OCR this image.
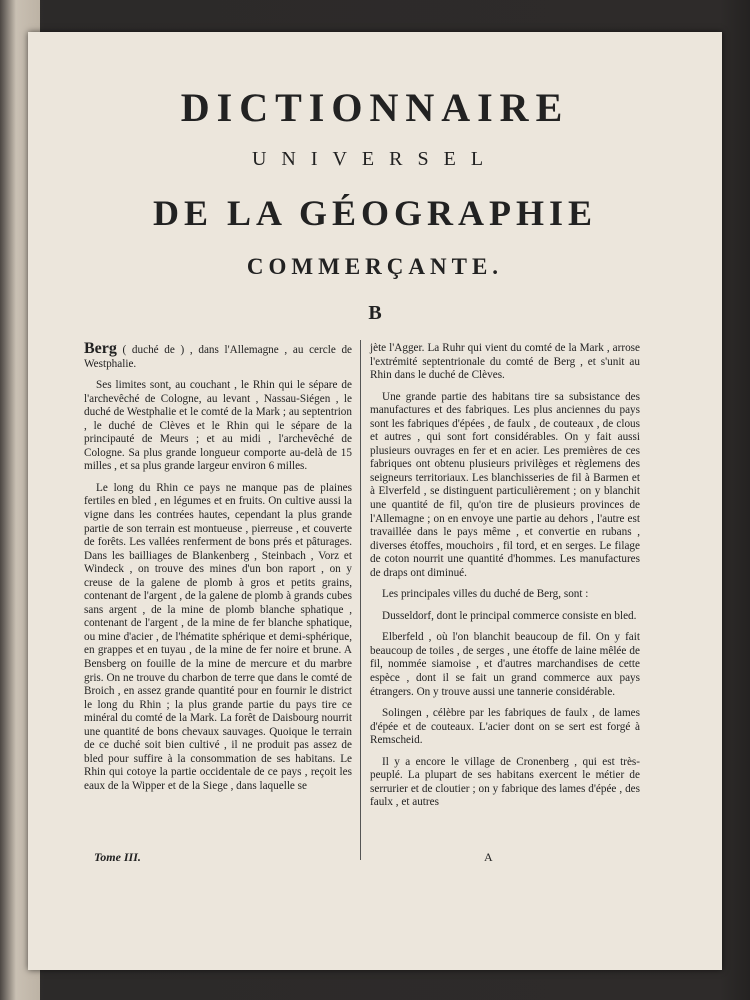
DICTIONNAIRE
UNIVERSEL
DE LA GÉOGRAPHIE
COMMERÇANTE.
B

Berg ( duché de ) , dans l'Allemagne , au cercle de Westphalie.

Ses limites sont, au couchant , le Rhin qui le sépare de l'archevêché de Cologne, au levant , Nassau-Siégen , le duché de Westphalie et le comté de la Mark ; au septentrion , le duché de Clèves et le Rhin qui le sépare de la principauté de Meurs ; et au midi , l'archevêché de Cologne. Sa plus grande longueur comporte au-delà de 15 milles , et sa plus grande largeur environ 6 milles.

Le long du Rhin ce pays ne manque pas de plaines fertiles en bled , en légumes et en fruits. On cultive aussi la vigne dans les contrées hautes, cependant la plus grande partie de son terrain est montueuse , pierreuse , et couverte de forêts. Les vallées renferment de bons prés et pâturages. Dans les bailliages de Blankenberg , Steinbach , Vorz et Windeck , on trouve des mines d'un bon raport , on y creuse de la galene de plomb à gros et petits grains, contenant de l'argent , de la galene de plomb à grands cubes sans argent , de la mine de plomb blanche sphatique , contenant de l'argent , de la mine de fer blanche sphatique, ou mine d'acier , de l'hématite sphérique et demi-sphérique, en grappes et en tuyau , de la mine de fer noire et brune. A Bensberg on fouille de la mine de mercure et du marbre gris. On ne trouve du charbon de terre que dans le comté de Broich , en assez grande quantité pour en fournir le district le long du Rhin ; la plus grande partie du pays tire ce minéral du comté de la Mark. La forêt de Daisbourg nourrit une quantité de bons chevaux sauvages. Quoique le terrain de ce duché soit bien cultivé , il ne produit pas assez de bled pour suffire à la consommation de ses habitans. Le Rhin qui cotoye la partie occidentale de ce pays , reçoit les eaux de la Wipper et de la Siege , dans laquelle se

jète l'Agger. La Ruhr qui vient du comté de la Mark , arrose l'extrémité septentrionale du comté de Berg , et s'unit au Rhin dans le duché de Clèves.

Une grande partie des habitans tire sa subsistance des manufactures et des fabriques. Les plus anciennes du pays sont les fabriques d'épées , de faulx , de couteaux , de clous et autres , qui sont fort considérables. On y fait aussi plusieurs ouvrages en fer et en acier. Les premières de ces fabriques ont obtenu plusieurs privilèges et règlemens des seigneurs territoriaux. Les blanchisseries de fil à Barmen et à Elverfeld , se distinguent particulièrement ; on y blanchit une quantité de fil, qu'on tire de plusieurs provinces de l'Allemagne ; on en envoye une partie au dehors , l'autre est travaillée dans le pays même , et convertie en rubans , diverses étoffes, mouchoirs , fil tord, et en serges. Le filage de coton nourrit une quantité d'hommes. Les manufactures de draps ont diminué.

Les principales villes du duché de Berg, sont :

Dusseldorf, dont le principal commerce consiste en bled.

Elberfeld , où l'on blanchit beaucoup de fil. On y fait beaucoup de toiles , de serges , une étoffe de laine mêlée de fil, nommée siamoise , et d'autres marchandises de cette espèce , dont il se fait un grand commerce aux pays étrangers. On y trouve aussi une tannerie considérable.

Solingen , célèbre par les fabriques de faulx , de lames d'épée et de couteaux. L'acier dont on se sert est forgé à Remscheid.

Il y a encore le village de Cronenberg , qui est très-peuplé. La plupart de ses habitans exercent le métier de serrurier et de cloutier ; on y fabrique des lames d'épée , des faulx , et autres

Tome III.	A
